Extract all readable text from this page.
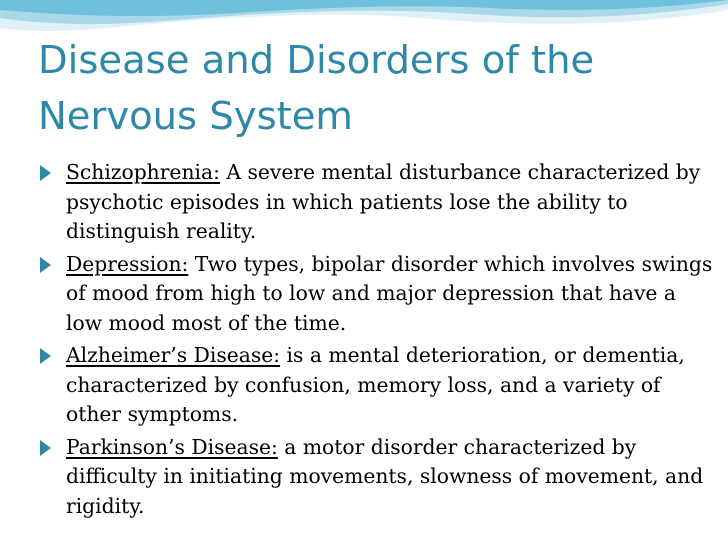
Disease and Disorders of the Nervous System
Schizophrenia: A severe mental disturbance characterized by psychotic episodes in which patients lose the ability to distinguish reality.
Depression: Two types, bipolar disorder which involves swings of mood from high to low and major depression that have a low mood most of the time.
Alzheimer’s Disease: is a mental deterioration, or dementia, characterized by confusion, memory loss, and a variety of other symptoms.
Parkinson’s Disease: a motor disorder characterized by difficulty in initiating movements, slowness of movement, and rigidity.
